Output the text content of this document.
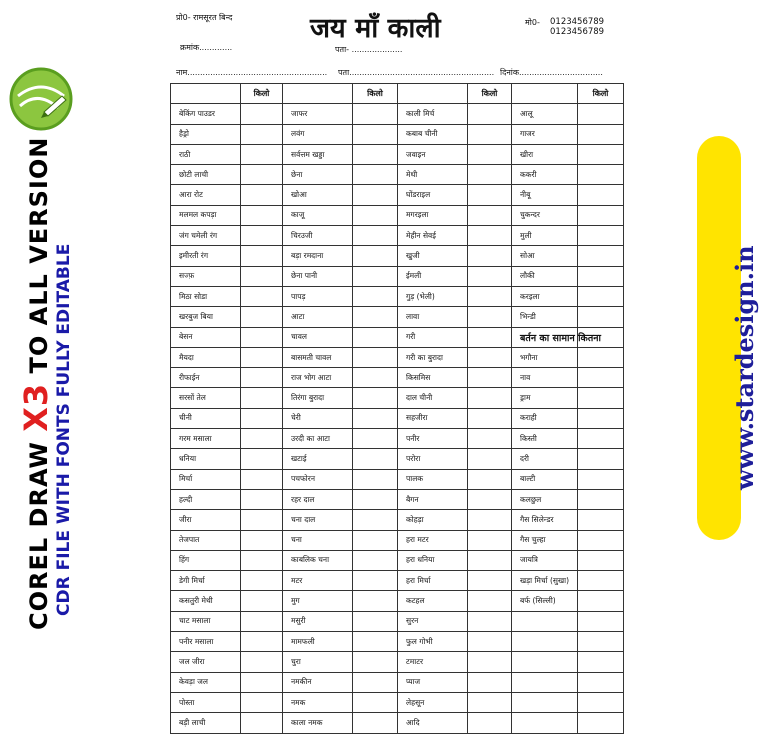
COREL DRAW X3 TO ALL VERSION CDR FILE WITH FONTS FULLY EDITABLE	www.stardesign.in
प्रो0- रामसूरत बिन्द	जय माँ काली	मो0- 0123456789
0123456789
क्रमांक.............	पता- ....................
नाम....................................................... पता......................................................... दिनांक.................................
	किलो		किलो		किलो		किलो
बेकिंग पाउडर		जाफर		काली मिर्च		आलू	
हैड्रो		लवंग		कबाब चीनी		गाजर	
राठी		सर्वत्तम खड्डा		जवाइन		खीरा	
छोटी लाची		छेना		मेथी		ककरी	
आरा रोट		खोआ		घोंडराइल		नीबू	
मलमल कपड़ा		काजू		मगरइला		चुकन्दर	
जंग चमेली रंग		चिरउजी		मेहीन सेवई		मुली	
इमीरती रंग		बड़ा रमदाना		खुजी		सोआ	
सज्फ़		छेना पानी		ईमली		लौकी	
मिठा सोडा		पापड़		गुड़ (भेली)		करइला	
खरबुज बिया		आटा		लावा		भिन्डी	
बेसन		चावल		गरी		बर्तन का सामान कितना	
मैयदा		बासमती चावल		गरी का बुरादा		भगौना	
रीफाईन		राज भोग आटा		किसमिस		नाव	
सरसों तेल		तिरंगा बुरादा		दाल चीनी		ड्राम	
चीनी		चेरी		सहजीरा		कराही	
गरम मसाला		उरदी का आटा		पनीर		किस्ती	
धनिया		खटाई		परोरा		दरी	
मिर्चा		पचफोरन		पालक		बाल्टी	
हल्दी		रहर दाल		बैगन		कलछुल	
जीरा		चना दाल		कोहड़ा		गैस सिलेन्डर	
तेजपात		चना		हरा मटर		गैस चुल्हा	
हिंग		काबलिक चना		हरा धनिया		जायत्रि	
डेगी मिर्चा		मटर		हरा मिर्चा		खड़ा मिर्चा (सुखा)	
कसतुरी मेथी		मुग		कटहल		बर्फ (सिल्ली)	
चाट मसाला		मसुरी		सुरन			
पनीर मसाला		मामफली		फुल गोभी			
जल जीरा		चुरा		टमाटर			
केवड़ा जल		नमकीन		प्याज			
पोस्ता		नमक		लेहसून			
बड़ी लाची		काला नमक		आदि			
